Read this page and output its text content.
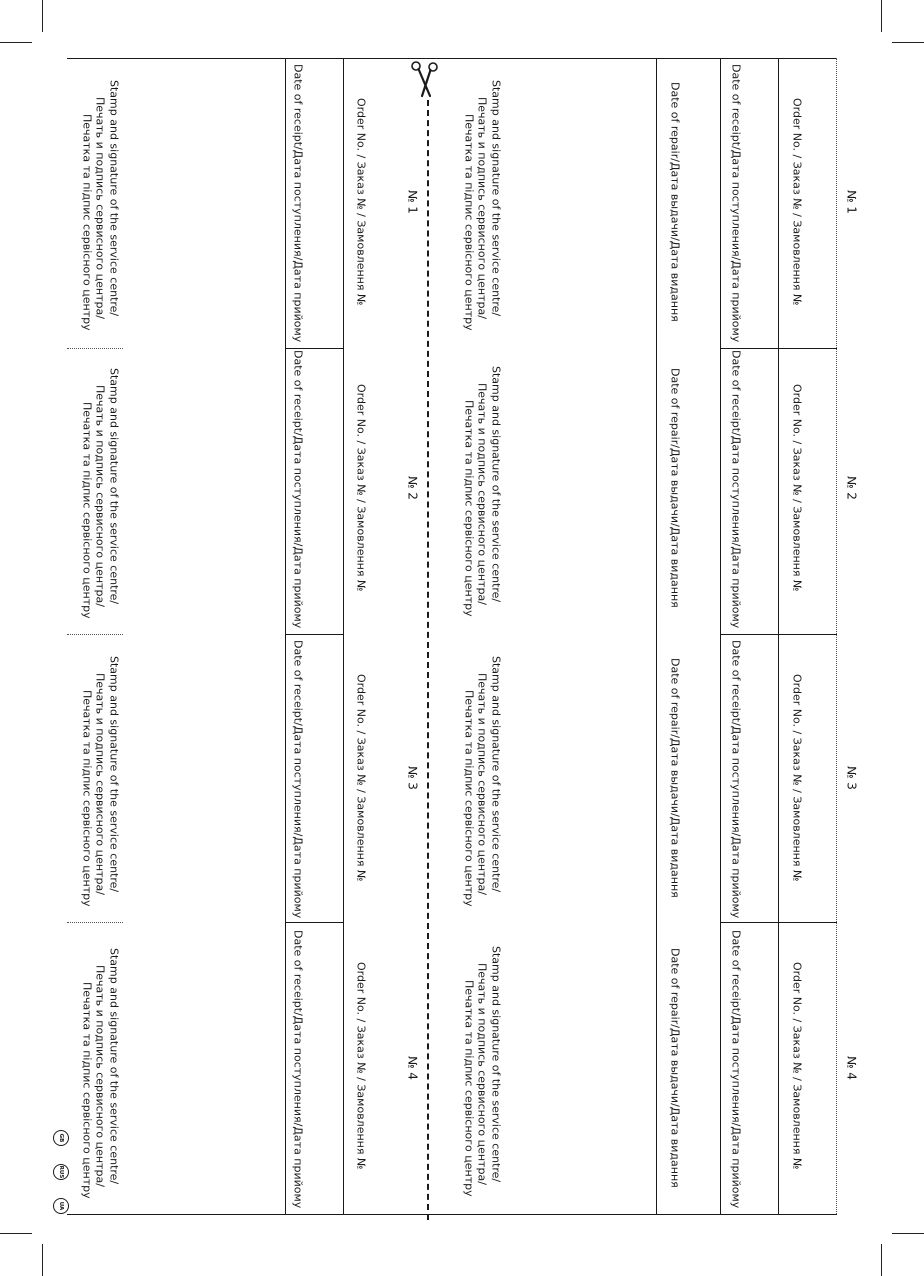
№ 1
Order No. / Заказ № / Замовлення №
Date of receipt/Дата поступления/Дата прийому
Date of repair/Дата выдачи/Дата видання
Stamp and signature of the service centre/
Печать и подпись сервисного центра/
Печатка та підпис сервісного центру
№ 1
Order No. / Заказ № / Замовлення №
Date of receipt/Дата поступления/Дата прийому
Stamp and signature of the service centre/
Печать и подпись сервисного центра/
Печатка та підпис сервісного центру
№ 2
Order No. / Заказ № / Замовлення №
Date of receipt/Дата поступления/Дата прийому
Date of repair/Дата выдачи/Дата видання
Stamp and signature of the service centre/
Печать и подпись сервисного центра/
Печатка та підпис сервісного центру
№ 2
Order No. / Заказ № / Замовлення №
Date of receipt/Дата поступления/Дата прийому
Stamp and signature of the service centre/
Печать и подпись сервисного центра/
Печатка та підпис сервісного центру
№ 3
Order No. / Заказ № / Замовлення №
Date of receipt/Дата поступления/Дата прийому
Date of repair/Дата выдачи/Дата видання
Stamp and signature of the service centre/
Печать и подпись сервисного центра/
Печатка та підпис сервісного центру
№ 3
Order No. / Заказ № / Замовлення №
Date of receipt/Дата поступления/Дата прийому
Stamp and signature of the service centre/
Печать и подпись сервисного центра/
Печатка та підпис сервісного центру
№ 4
Order No. / Заказ № / Замовлення №
Date of receipt/Дата поступления/Дата прийому
Date of repair/Дата выдачи/Дата видання
Stamp and signature of the service centre/
Печать и подпись сервисного центра/
Печатка та підпис сервісного центру
№ 4
Order No. / Заказ № / Замовлення №
Date of receipt/Дата поступления/Дата прийому
Stamp and signature of the service centre/
Печать и подпись сервисного центра/
Печатка та підпис сервісного центру
GB
RUS
UA
